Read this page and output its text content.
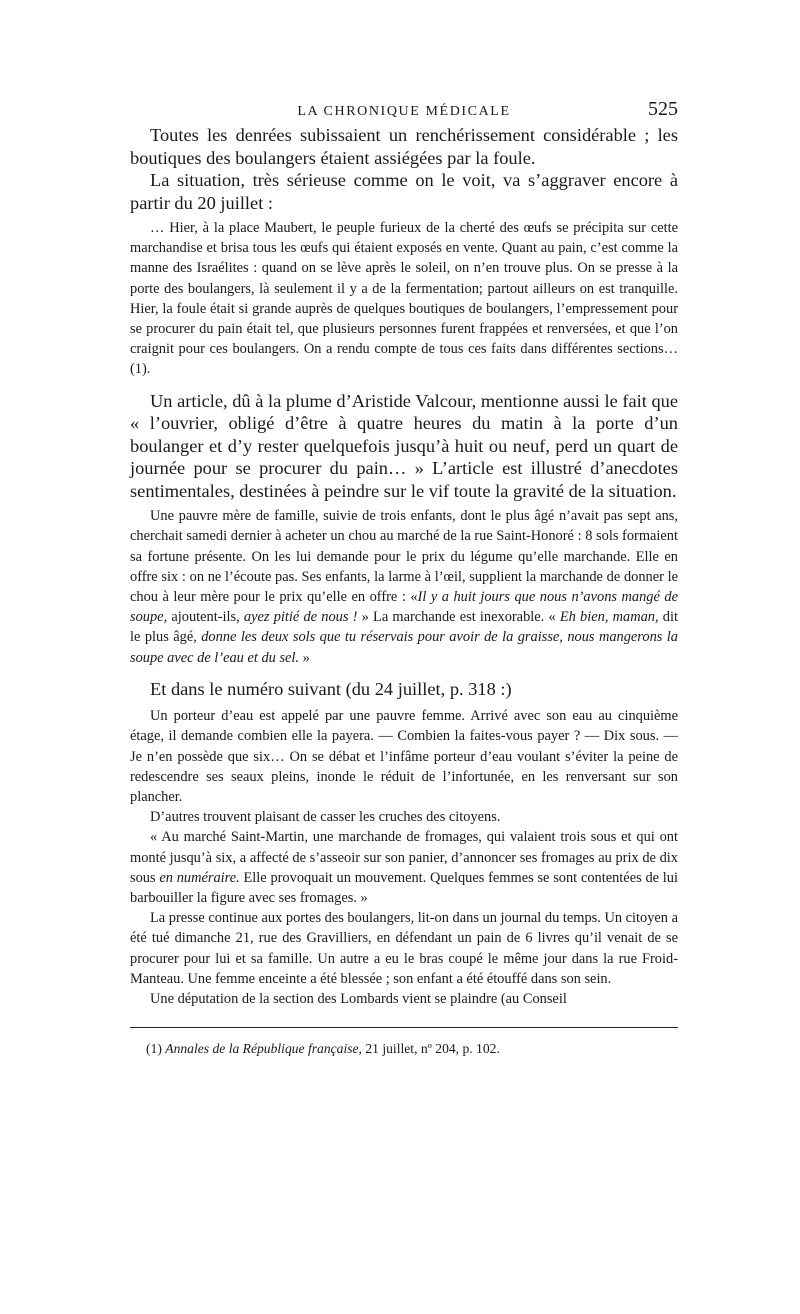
LA CHRONIQUE MÉDICALE	525

Toutes les denrées subissaient un renchérissement considérable ; les boutiques des boulangers étaient assiégées par la foule.

La situation, très sérieuse comme on le voit, va s’aggraver encore à partir du 20 juillet :

… Hier, à la place Maubert, le peuple furieux de la cherté des œufs se précipita sur cette marchandise et brisa tous les œufs qui étaient exposés en vente. Quant au pain, c’est comme la manne des Israélites : quand on se lève après le soleil, on n’en trouve plus. On se presse à la porte des boulangers, là seulement il y a de la fermentation; partout ailleurs on est tranquille. Hier, la foule était si grande auprès de quelques boutiques de boulangers, l’empressement pour se procurer du pain était tel, que plusieurs personnes furent frappées et renversées, et que l’on craignit pour ces boulangers. On a rendu compte de tous ces faits dans différentes sections… (1).

Un article, dû à la plume d’Aristide Valcour, mentionne aussi le fait que « l’ouvrier, obligé d’être à quatre heures du matin à la porte d’un boulanger et d’y rester quelquefois jusqu’à huit ou neuf, perd un quart de journée pour se procurer du pain… » L’article est illustré d’anecdotes sentimentales, destinées à peindre sur le vif toute la gravité de la situation.

Une pauvre mère de famille, suivie de trois enfants, dont le plus âgé n’avait pas sept ans, cherchait samedi dernier à acheter un chou au marché de la rue Saint-Honoré : 8 sols formaient sa fortune présente. On les lui demande pour le prix du légume qu’elle marchande. Elle en offre six : on ne l’écoute pas. Ses enfants, la larme à l’œil, supplient la marchande de donner le chou à leur mère pour le prix qu’elle en offre : «Il y a huit jours que nous n’avons mangé de soupe, ajoutent-ils, ayez pitié de nous ! » La marchande est inexorable. « Eh bien, maman, dit le plus âgé, donne les deux sols que tu réservais pour avoir de la graisse, nous mangerons la soupe avec de l’eau et du sel. »

Et dans le numéro suivant (du 24 juillet, p. 318 :)

Un porteur d’eau est appelé par une pauvre femme. Arrivé avec son eau au cinquième étage, il demande combien elle la payera. — Combien la faites-vous payer ? — Dix sous. — Je n’en possède que six… On se débat et l’infâme porteur d’eau voulant s’éviter la peine de redescendre ses seaux pleins, inonde le réduit de l’infortunée, en les renversant sur son plancher.

D’autres trouvent plaisant de casser les cruches des citoyens.

« Au marché Saint-Martin, une marchande de fromages, qui valaient trois sous et qui ont monté jusqu’à six, a affecté de s’asseoir sur son panier, d’annoncer ses fromages au prix de dix sous en numéraire. Elle provoquait un mouvement. Quelques femmes se sont contentées de lui barbouiller la figure avec ses fromages. »

La presse continue aux portes des boulangers, lit-on dans un journal du temps. Un citoyen a été tué dimanche 21, rue des Gravilliers, en défendant un pain de 6 livres qu’il venait de se procurer pour lui et sa famille. Un autre a eu le bras coupé le même jour dans la rue Froid-Manteau. Une femme enceinte a été blessée ; son enfant a été étouffé dans son sein.

Une députation de la section des Lombards vient se plaindre (au Conseil

(1) Annales de la République française, 21 juillet, nº 204, p. 102.
